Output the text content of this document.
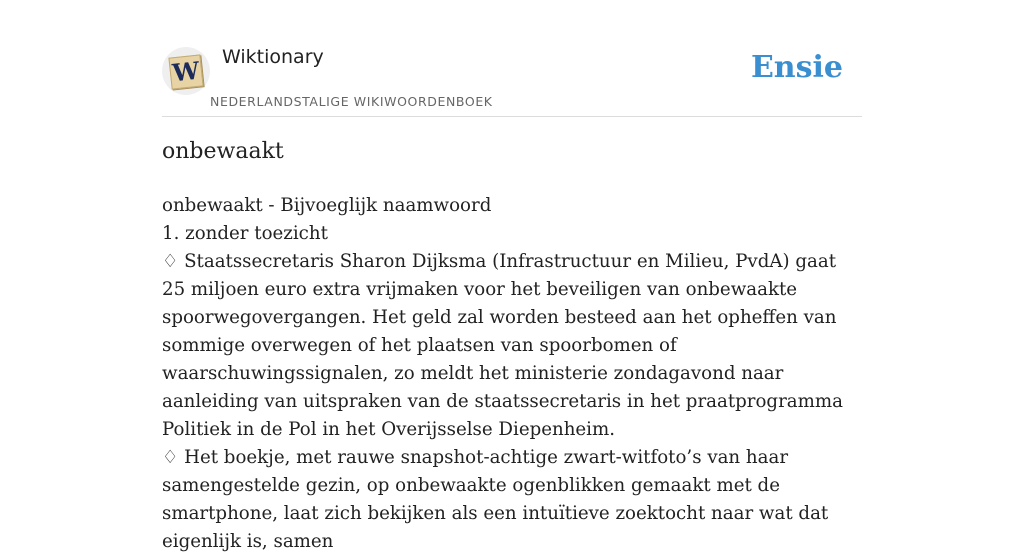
W Wiktionary
NEDERLANDSTALIGE WIKIWOORDENBOEK
Ensie
onbewaakt

onbewaakt - Bijvoeglijk naamwoord

1. zonder toezicht

♢ Staatssecretaris Sharon Dijksma (Infrastructuur en Milieu, PvdA) gaat 25 miljoen euro extra vrijmaken voor het beveiligen van onbewaakte spoorwegovergangen. Het geld zal worden besteed aan het opheffen van sommige overwegen of het plaatsen van spoorbomen of waarschuwingssignalen, zo meldt het ministerie zondagavond naar aanleiding van uitspraken van de staatssecretaris in het praatprogramma Politiek in de Pol in het Overijsselse Diepenheim.

♢ Het boekje, met rauwe snapshot-achtige zwart-witfoto’s van haar samengestelde gezin, op onbewaakte ogenblikken gemaakt met de smartphone, laat zich bekijken als een intuïtieve zoektocht naar wat dat eigenlijk is, samen
